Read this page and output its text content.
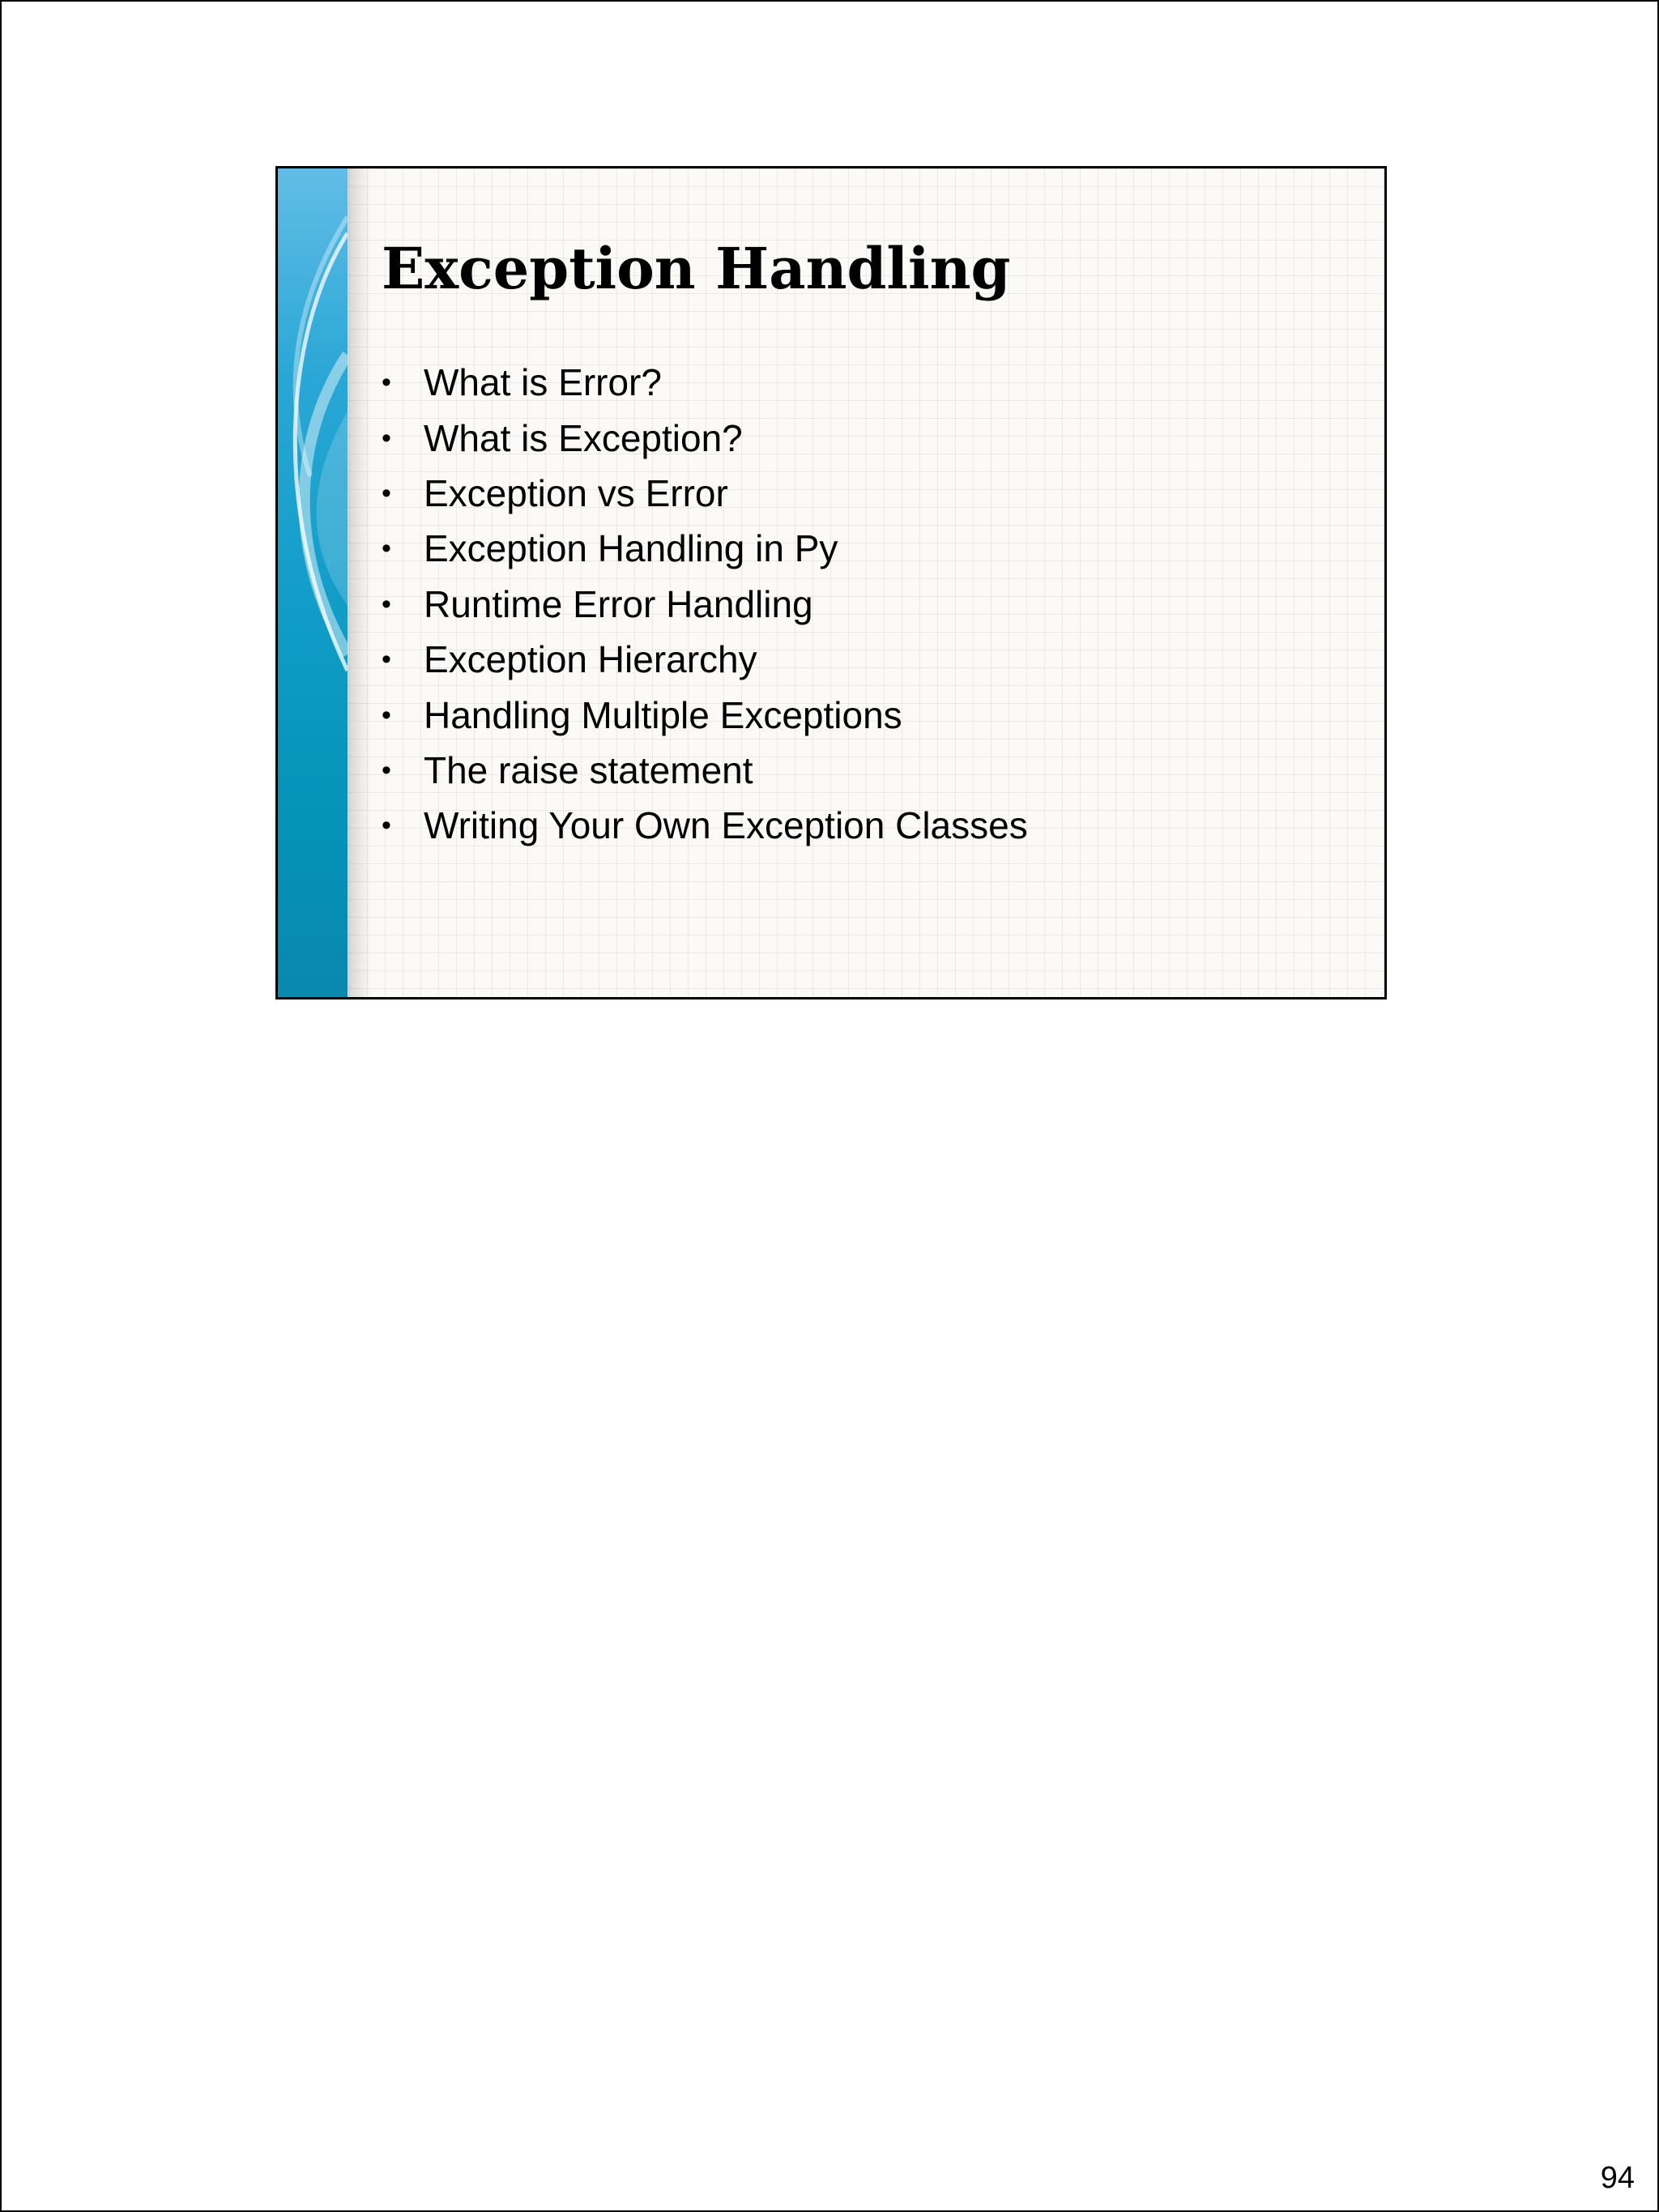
Exception Handling
• What is Error?
• What is Exception?
• Exception vs Error
• Exception Handling in Py
• Runtime Error Handling
• Exception Hierarchy
• Handling Multiple Exceptions
• The raise statement
• Writing Your Own Exception Classes
94
